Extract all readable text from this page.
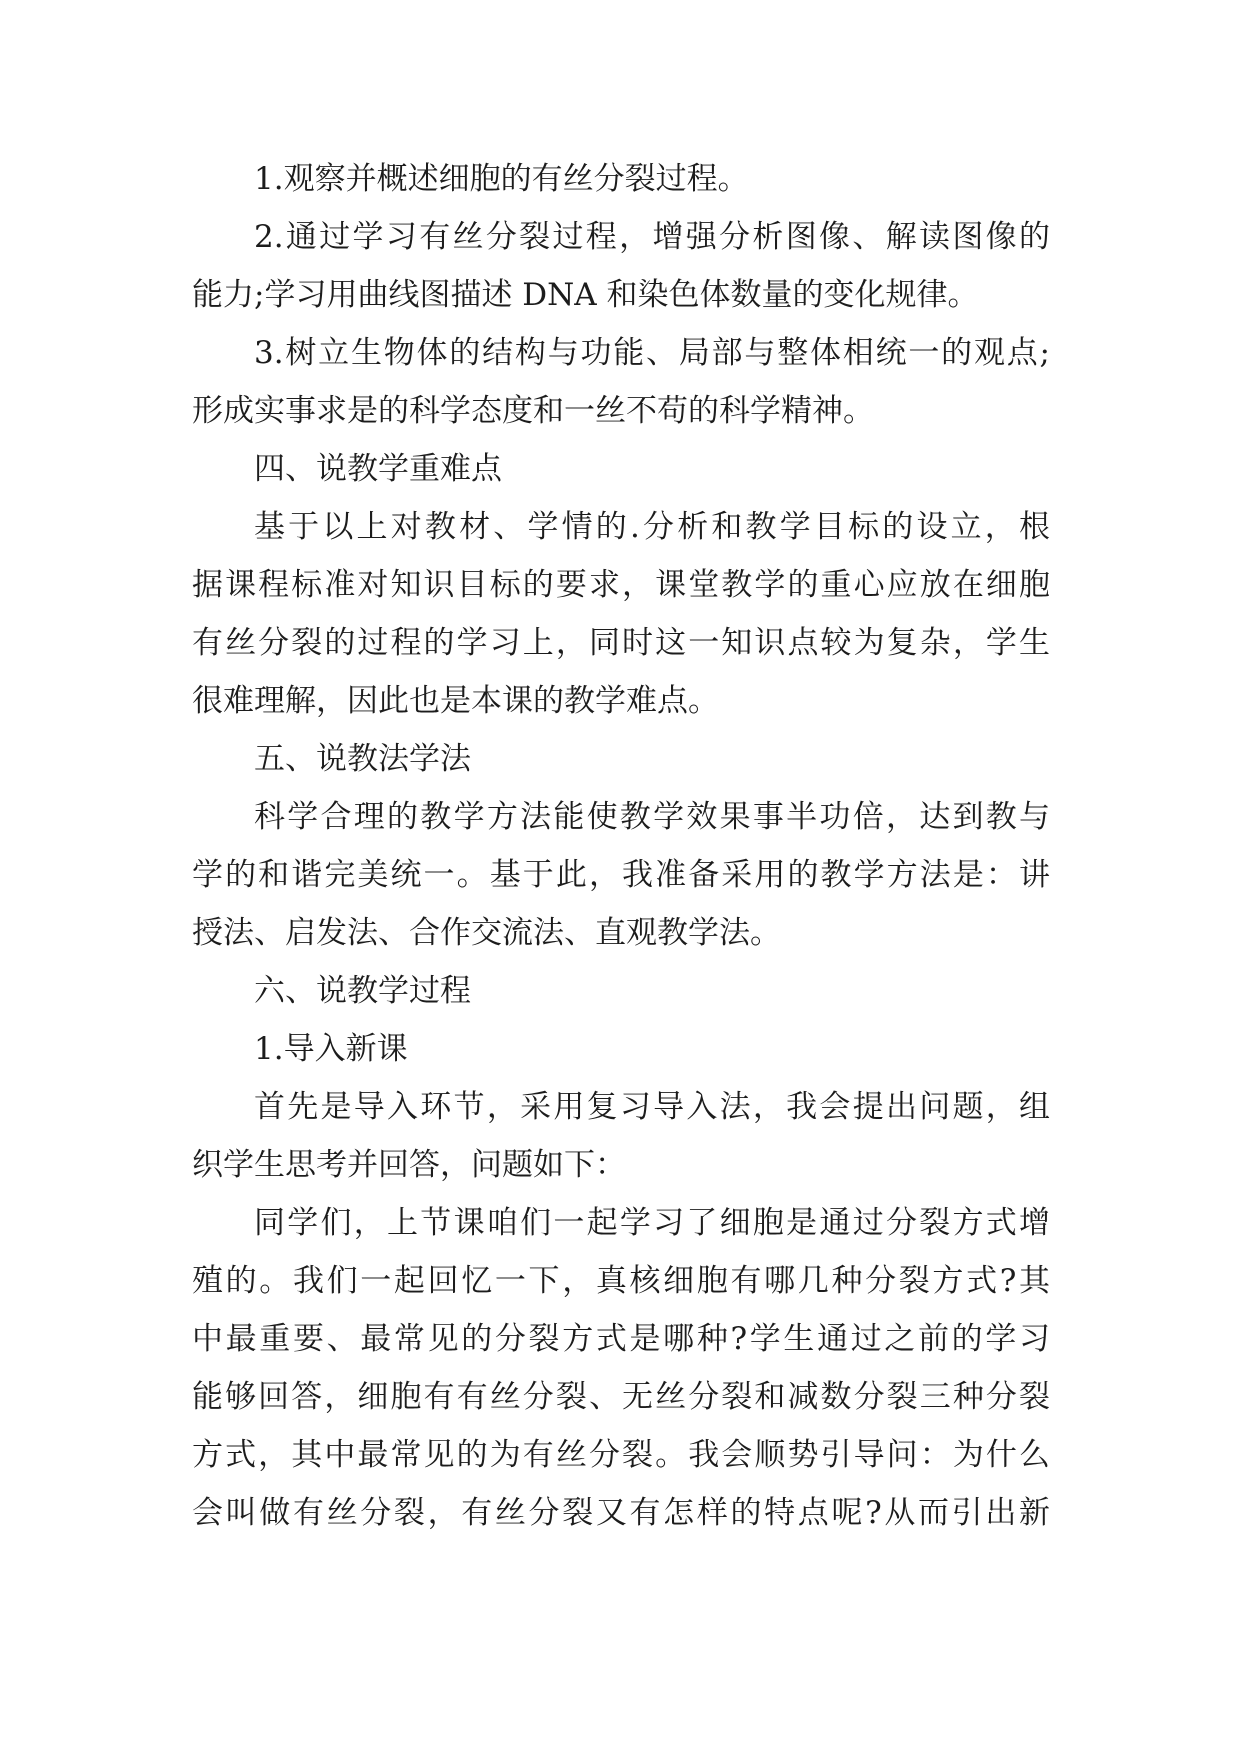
1.观察并概述细胞的有丝分裂过程。
2.通过学习有丝分裂过程，增强分析图像、解读图像的
能力;学习用曲线图描述 DNA 和染色体数量的变化规律。
3.树立生物体的结构与功能、局部与整体相统一的观点;
形成实事求是的科学态度和一丝不苟的科学精神。
四、说教学重难点
基于以上对教材、学情的.分析和教学目标的设立，根
据课程标准对知识目标的要求，课堂教学的重心应放在细胞
有丝分裂的过程的学习上，同时这一知识点较为复杂，学生
很难理解，因此也是本课的教学难点。
五、说教法学法
科学合理的教学方法能使教学效果事半功倍，达到教与
学的和谐完美统一。基于此，我准备采用的教学方法是：讲
授法、启发法、合作交流法、直观教学法。
六、说教学过程
1.导入新课
首先是导入环节，采用复习导入法，我会提出问题，组
织学生思考并回答，问题如下：
同学们，上节课咱们一起学习了细胞是通过分裂方式增
殖的。我们一起回忆一下，真核细胞有哪几种分裂方式?其
中最重要、最常见的分裂方式是哪种?学生通过之前的学习
能够回答，细胞有有丝分裂、无丝分裂和减数分裂三种分裂
方式，其中最常见的为有丝分裂。我会顺势引导问：为什么
会叫做有丝分裂，有丝分裂又有怎样的特点呢?从而引出新
